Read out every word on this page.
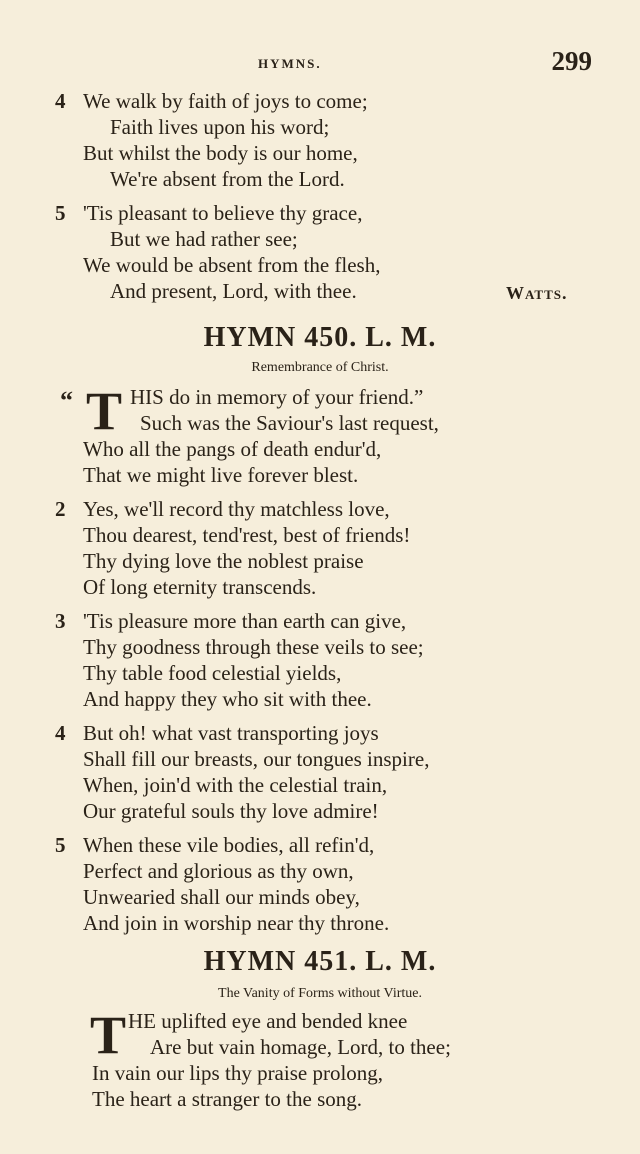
HYMNS.	299
4 We walk by faith of joys to come;
Faith lives upon his word;
But whilst the body is our home,
We're absent from the Lord.
5 'Tis pleasant to believe thy grace,
But we had rather see;
We would be absent from the flesh,
And present, Lord, with thee.	Watts.
HYMN 450. L. M.
Remembrance of Christ.
“ T HIS do in memory of your friend.”
Such was the Saviour's last request,
Who all the pangs of death endur'd,
That we might live forever blest.
2 Yes, we'll record thy matchless love,
Thou dearest, tend'rest, best of friends!
Thy dying love the noblest praise
Of long eternity transcends.
3 'Tis pleasure more than earth can give,
Thy goodness through these veils to see;
Thy table food celestial yields,
And happy they who sit with thee.
4 But oh! what vast transporting joys
Shall fill our breasts, our tongues inspire,
When, join'd with the celestial train,
Our grateful souls thy love admire!
5 When these vile bodies, all refin'd,
Perfect and glorious as thy own,
Unwearied shall our minds obey,
And join in worship near thy throne.
HYMN 451. L. M.
The Vanity of Forms without Virtue.
T HE uplifted eye and bended knee
Are but vain homage, Lord, to thee;
In vain our lips thy praise prolong,
The heart a stranger to the song.
